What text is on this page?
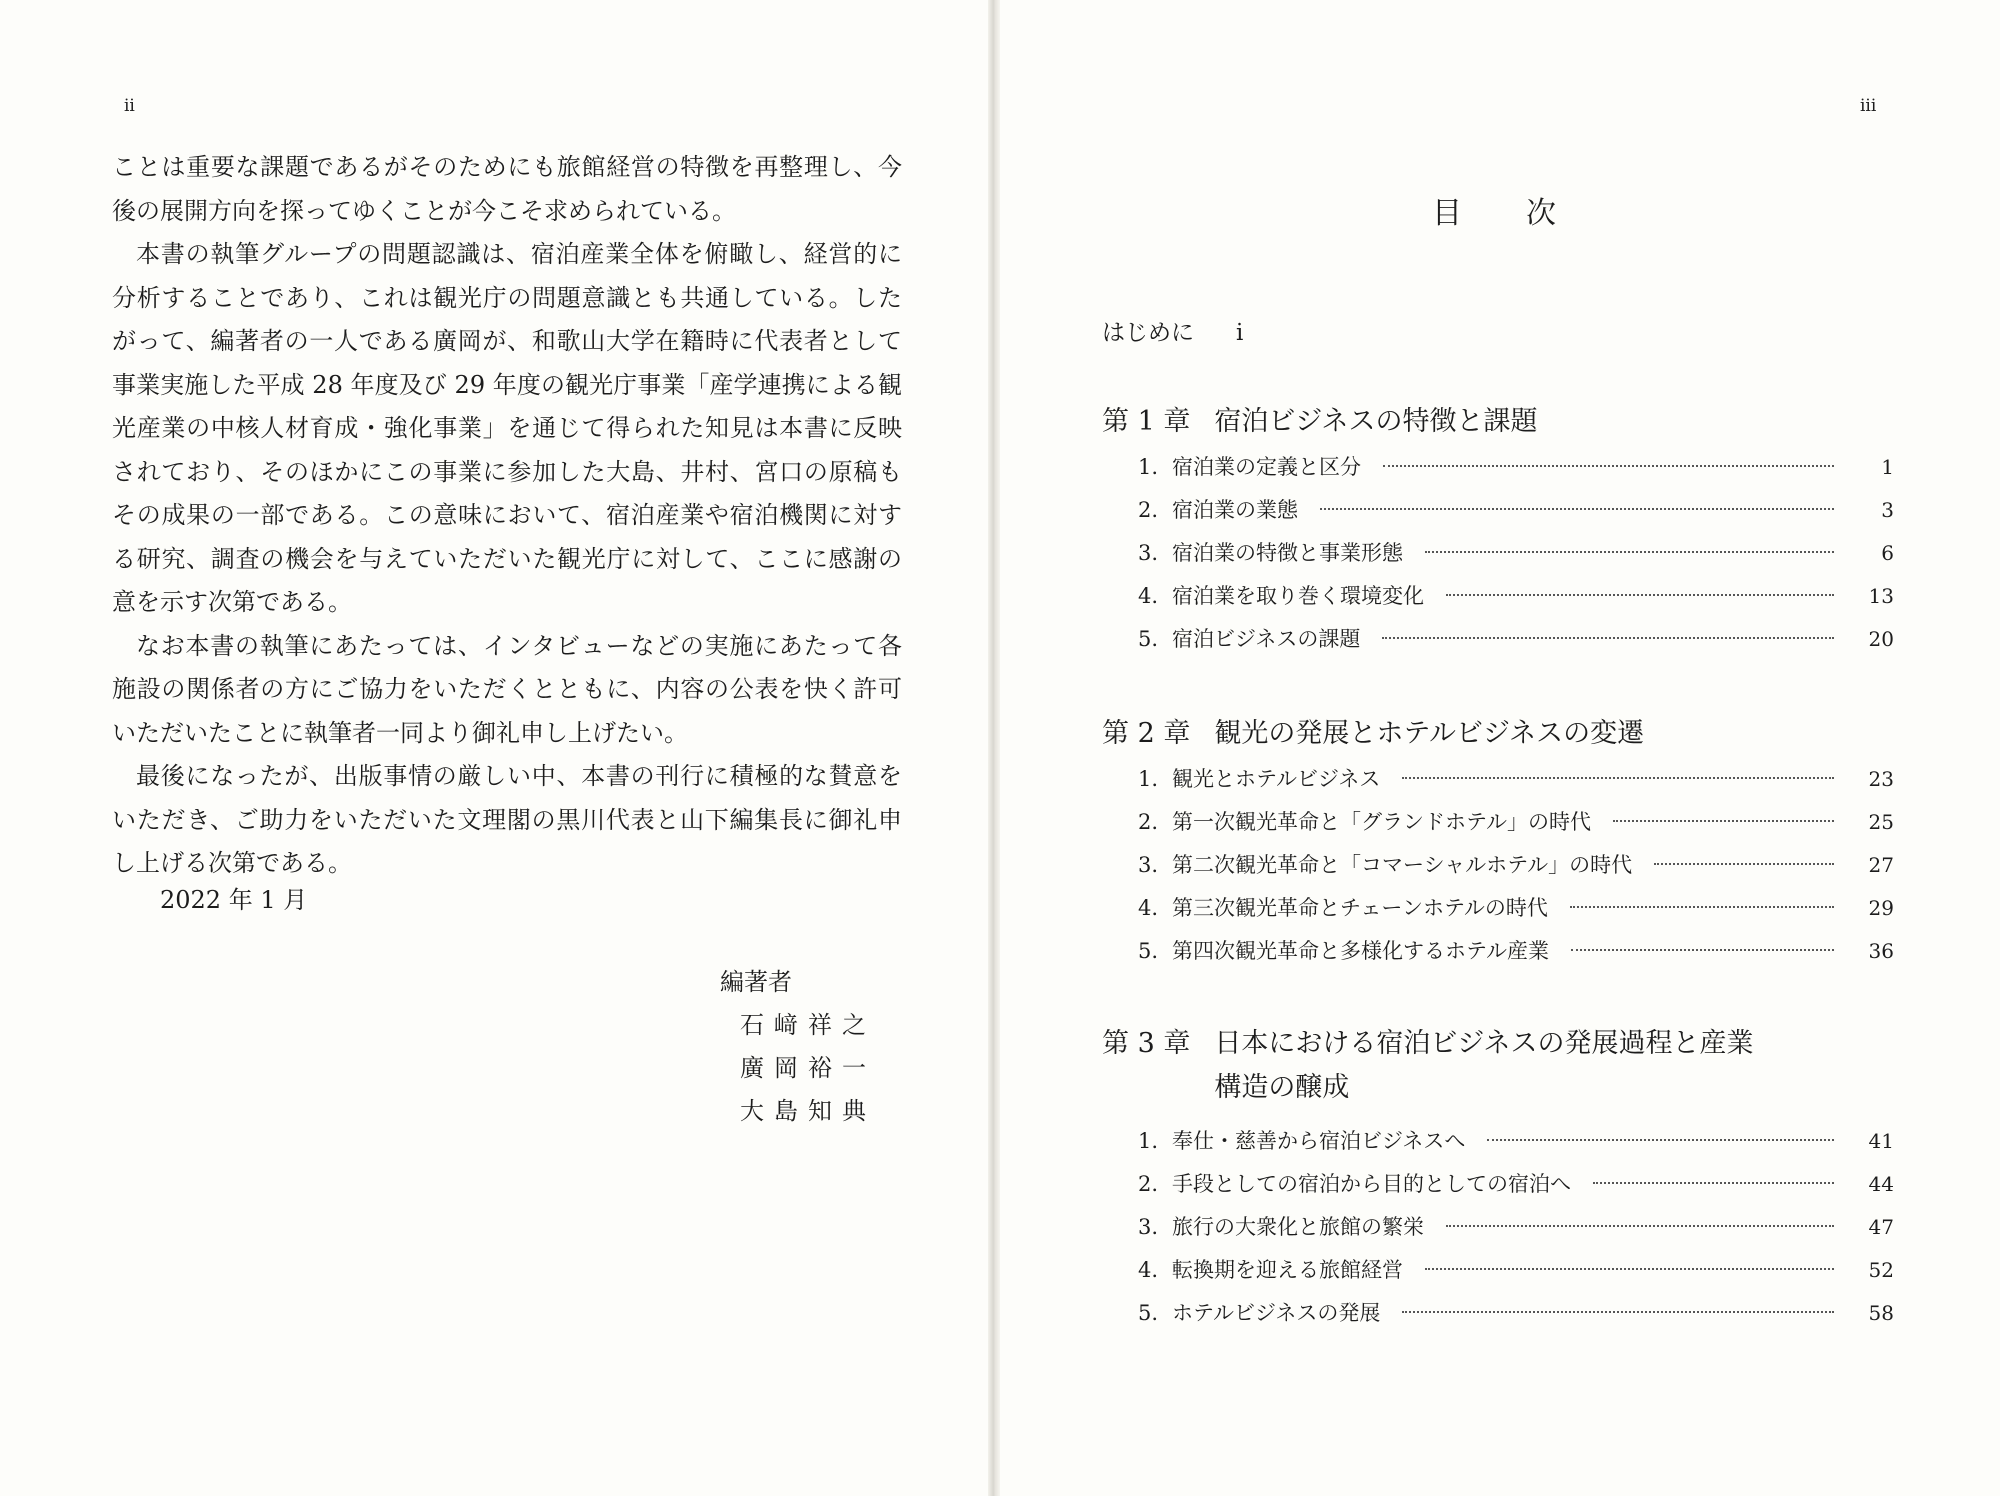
ii

ことは重要な課題であるがそのためにも旅館経営の特徴を再整理し、今後の展開方向を探ってゆくことが今こそ求められている。

本書の執筆グループの問題認識は、宿泊産業全体を俯瞰し、経営的に分析することであり、これは観光庁の問題意識とも共通している。したがって、編著者の一人である廣岡が、和歌山大学在籍時に代表者として事業実施した平成 28 年度及び 29 年度の観光庁事業「産学連携による観光産業の中核人材育成・強化事業」を通じて得られた知見は本書に反映されており、そのほかにこの事業に参加した大島、井村、宮口の原稿もその成果の一部である。この意味において、宿泊産業や宿泊機関に対する研究、調査の機会を与えていただいた観光庁に対して、ここに感謝の意を示す次第である。

なお本書の執筆にあたっては、インタビューなどの実施にあたって各施設の関係者の方にご協力をいただくとともに、内容の公表を快く許可いただいたことに執筆者一同より御礼申し上げたい。

最後になったが、出版事情の厳しい中、本書の刊行に積極的な賛意をいただき、ご助力をいただいた文理閣の黒川代表と山下編集長に御礼申し上げる次第である。

2022 年 1 月
編著者
石﨑祥之
廣岡裕一
大島知典
iii
目次
はじめに i
第 1 章 宿泊ビジネスの特徴と課題
1. 宿泊業の定義と区分	1
2. 宿泊業の業態	3
3. 宿泊業の特徴と事業形態	6
4. 宿泊業を取り巻く環境変化	13
5. 宿泊ビジネスの課題	20
第 2 章 観光の発展とホテルビジネスの変遷
1. 観光とホテルビジネス	23
2. 第一次観光革命と「グランドホテル」の時代	25
3. 第二次観光革命と「コマーシャルホテル」の時代	27
4. 第三次観光革命とチェーンホテルの時代	29
5. 第四次観光革命と多様化するホテル産業	36
第 3 章 日本における宿泊ビジネスの発展過程と産業構造の醸成
1. 奉仕・慈善から宿泊ビジネスへ	41
2. 手段としての宿泊から目的としての宿泊へ	44
3. 旅行の大衆化と旅館の繁栄	47
4. 転換期を迎える旅館経営	52
5. ホテルビジネスの発展	58
